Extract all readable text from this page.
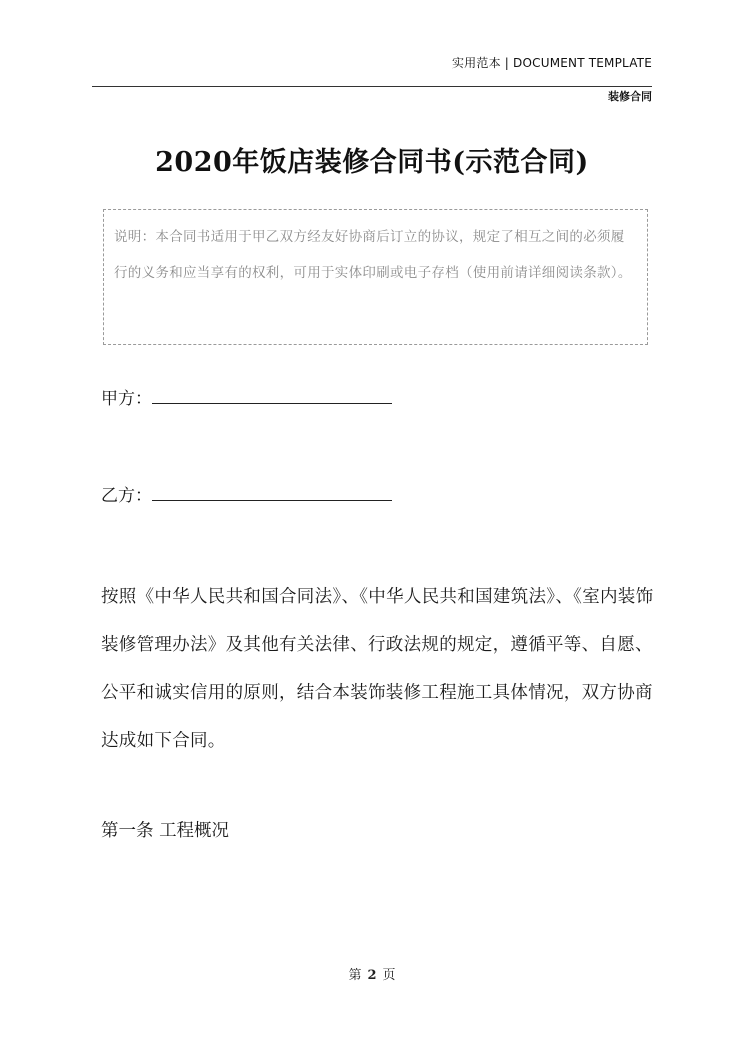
实用范本 | DOCUMENT TEMPLATE
装修合同
2020年饭店装修合同书(示范合同)
说明：本合同书适用于甲乙双方经友好协商后订立的协议，规定了相互之间的必须履行的义务和应当享有的权利，可用于实体印刷或电子存档（使用前请详细阅读条款）。
甲方：
乙方：
按照《中华人民共和国合同法》、《中华人民共和国建筑法》、《室内装饰装修管理办法》及其他有关法律、行政法规的规定，遵循平等、自愿、公平和诚实信用的原则，结合本装饰装修工程施工具体情况，双方协商达成如下合同。
第一条 工程概况
第 2 页
